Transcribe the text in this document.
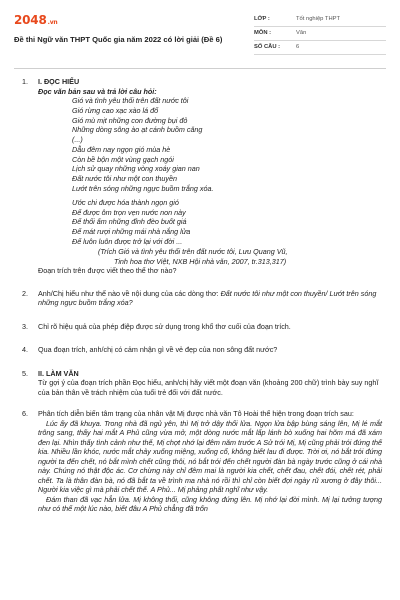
2048.vn
Đề thi Ngữ văn THPT Quốc gia năm 2022 có lời giải (Đề 6)
LỚP :	Tốt nghiệp THPT
MÔN :	Văn
SỐ CÂU :	6
1. I. ĐỌC HIỂU
Đọc văn bản sau và trả lời câu hỏi:
Gió và tình yêu thổi trên đất nước tôi
Gió rừng cao xạc xào lá đổ
Gió mù mịt những con đường bụi đỏ
Những dòng sông ào ạt cánh buồm căng
(...)
Dẫu đêm nay ngọn gió mùa hè
Còn bề bộn một vùng gạch ngói
Lịch sử quay những vòng xoáy gian nan
Đất nước tôi như một con thuyền
Lướt trên sóng những ngực buồm trắng xóa.
Ước chi được hóa thành ngọn gió
Để được ôm trọn vẹn nước non này
Để thổi ấm những đỉnh đèo buốt giá
Để mát rượi những mái nhà nắng lửa
Để luôn luôn được trở lại với đời ...
(Trích Gió và tình yêu thổi trên đất nước tôi, Lưu Quang Vũ,
Tinh hoa thơ Việt, NXB Hội nhà văn, 2007, tr.313,317)
Đoạn trích trên được viết theo thể thơ nào?
2. Anh/Chị hiểu như thế nào về nội dung của các dòng thơ: Đất nước tôi như một con thuyền/ Lướt trên sóng những ngực buồm trắng xóa?
3. Chỉ rõ hiệu quả của phép điệp được sử dụng trong khổ thơ cuối của đoạn trích.
4. Qua đoạn trích, anh/chị có cảm nhận gì về vẻ đẹp của non sông đất nước?
5. II. LÀM VĂN
Từ gợi ý của đoạn trích phần Đọc hiểu, anh/chị hãy viết một đoạn văn (khoảng 200 chữ) trình bày suy nghĩ của bản thân về trách nhiệm của tuổi trẻ đối với đất nước.
6. Phân tích diễn biến tâm trạng của nhân vật Mị được nhà văn Tô Hoài thể hiện trong đoạn trích sau:
Lúc ấy đã khuya. Trong nhà đã ngủ yên, thì Mị trở dậy thổi lửa. Ngọn lửa bập bùng sáng lên, Mị lé mắt trông sang, thấy hai mắt A Phủ cũng vừa mở, một dòng nước mắt lấp lánh bò xuống hai hõm má đã xám đen lại. Nhìn thấy tình cảnh như thế, Mị chợt nhớ lại đêm năm trước A Sử trói Mị, Mị cũng phải trói đứng thế kia. Nhiều lần khóc, nước mắt chảy xuống miệng, xuống cổ, không biết lau đi được. Trời ơi, nó bắt trói đứng người ta đến chết, nó bắt mình chết cũng thôi, nó bắt trói đến chết người đàn bà ngày trước cũng ở cái nhà này. Chúng nó thật độc ác. Cơ chừng này chỉ đêm mai là người kia chết, chết đau, chết đói, chết rét, phải chết. Ta là thân đàn bà, nó đã bắt ta về trình ma nhà nó rồi thì chỉ còn biết đợi ngày rũ xương ở đây thôi... Người kia việc gì mà phải chết thế. A Phủ... Mị phảng phất nghĩ như vậy.
Đám than đã vạc hẳn lửa. Mị không thổi, cũng không đứng lên. Mị nhớ lại đời mình. Mị lại tưởng tượng như có thể một lúc nào, biết đâu A Phủ chẳng đã trốn
